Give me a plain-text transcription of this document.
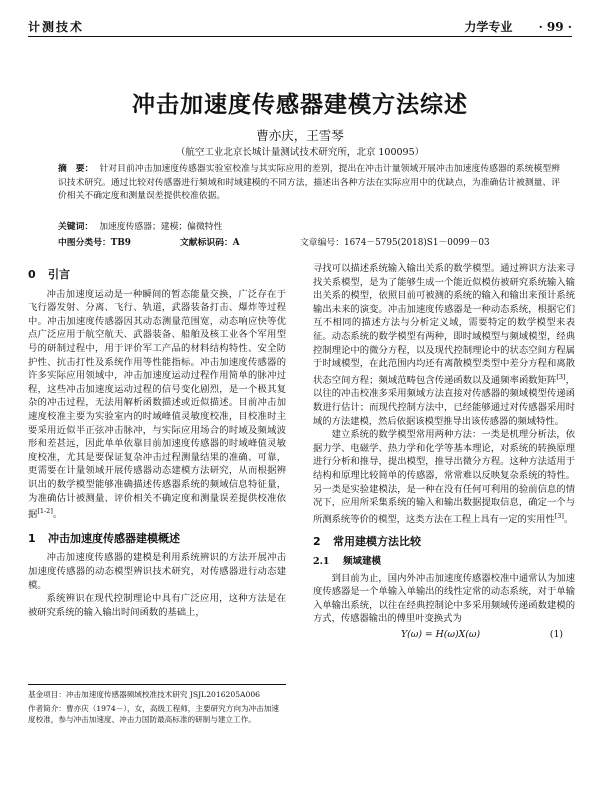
计测技术	力学专业 · 99 ·
冲击加速度传感器建模方法综述
曹亦庆，王雪琴
（航空工业北京长城计量测试技术研究所，北京 100095）
摘　要： 针对目前冲击加速度传感器实验室校准与其实际应用的差别，提出在冲击计量领域开展冲击加速度传感器的系统模型辨识技术研究。通过比较对传感器进行频域和时域建模的不同方法，描述出各种方法在实际应用中的优缺点，为准确估计被测量、评价相关不确定度和测量误差提供校准依据。
关键词： 加速度传感器；建模；偏微特性
中图分类号：TB9	文献标识码：A	文章编号：1674－5795(2018)S1－0099－03
0 引言

冲击加速度运动是一种瞬间的暂态能量交换，广泛存在于飞行器发射、分离、飞行、轨道，武器装备打击、爆炸等过程中。冲击加速度传感器因其动态测量范围宽，动态响应快等优点广泛应用于航空航天、武器装备、船舶及核工业各个军用型号的研制过程中，用于评价军工产品的材料结构特性、安全防护性、抗击打性及系统作用等性能指标。冲击加速度传感器的许多实际应用领域中，冲击加速度运动过程作用简单的脉冲过程，这些冲击加速度运动过程的信号变化剧烈，是一个极其复杂的冲击过程，无法用解析函数描述或近似描述。目前冲击加速度校准主要为实验室内的时域峰值灵敏度校准，目校准时主要采用近似半正弦冲击脉冲，与实际应用场合的时域及频域波形和差甚远，因此单单依靠目前加速度传感器的时域峰值灵敏度校准，尤其是要保证复杂冲击过程测量结果的准确、可靠，更需要在计量领域开展传感器动态建模方法研究，从而根据辨识出的数学模型能够准确描述传感器系统的频域信息特征量，为准确估计被测量、评价相关不确定度和测量误差提供校准依据[1-2]。

1 冲击加速度传感器建模概述

冲击加速度传感器的建模是利用系统辨识的方法开展冲击加速度传感器的动态模型辨识技术研究，对传感器进行动态建模。

系统辨识在现代控制理论中具有广泛应用，这种方法是在被研究系统的输入输出时间函数的基础上，

寻找可以描述系统输入输出关系的数学模型。通过辨识方法来寻找关系模型，是为了能够生成一个能近似模仿被研究系统输入输出关系的模型，依照目前可被测的系统的输入和输出来预计系统输出未来的演变。冲击加速度传感器是一种动态系统，根据它们互不相同的描述方法与分析定义域，需要特定的数学模型来表征。动态系统的数学模型有两种，即时域模型与频域模型，经典控制理论中的微分方程，以及现代控制理论中的状态空间方程属于时域模型，在此范围内均还有离散模型类型中差分方程和离散状态空间方程；频域范畴包含传递函数以及通频率函数矩阵[3]，以往的冲击校准多采用频域方法直接对传感器的频域模型传递函数进行估计；而现代控制方法中，已经能够通过对传感器采用时域的方法建模，然后依据该模型推导出该传感器的频域特性。

建立系统的数学模型常用两种方法：一类是机理分析法，依据力学、电磁学、热力学和化学等基本理论，对系统的转换原理进行分析和推导，提出模型，推导出微分方程。这种方法适用于结构和原理比较简单的传感器，常常难以反映复杂系统的特性。另一类是实验建模法，是一种在没有任何可利用的验前信息的情况下，应用所采集系统的输入和输出数据提取信息，确定一个与所测系统等价的模型，这类方法在工程上具有一定的实用性[3]。

2 常用建模方法比较
2.1 频域建模

到目前为止，国内外冲击加速度传感器校准中通常认为加速度传感器是一个单输入单输出的线性定常的动态系统，对于单输入单输出系统，以往在经典控制论中多采用频域传递函数建模的方式，传感器输出的傅里叶变换式为

Y(ω) = H(ω)X(ω)	(1)

基金项目：冲击加速度传感器频域校准技术研究 JSJL2016205A006

作者简介：曹亦庆（1974－），女，高级工程师，主要研究方向为冲击加速度校准，参与冲击加速度、冲击力国防最高标准的研制与建立工作。
